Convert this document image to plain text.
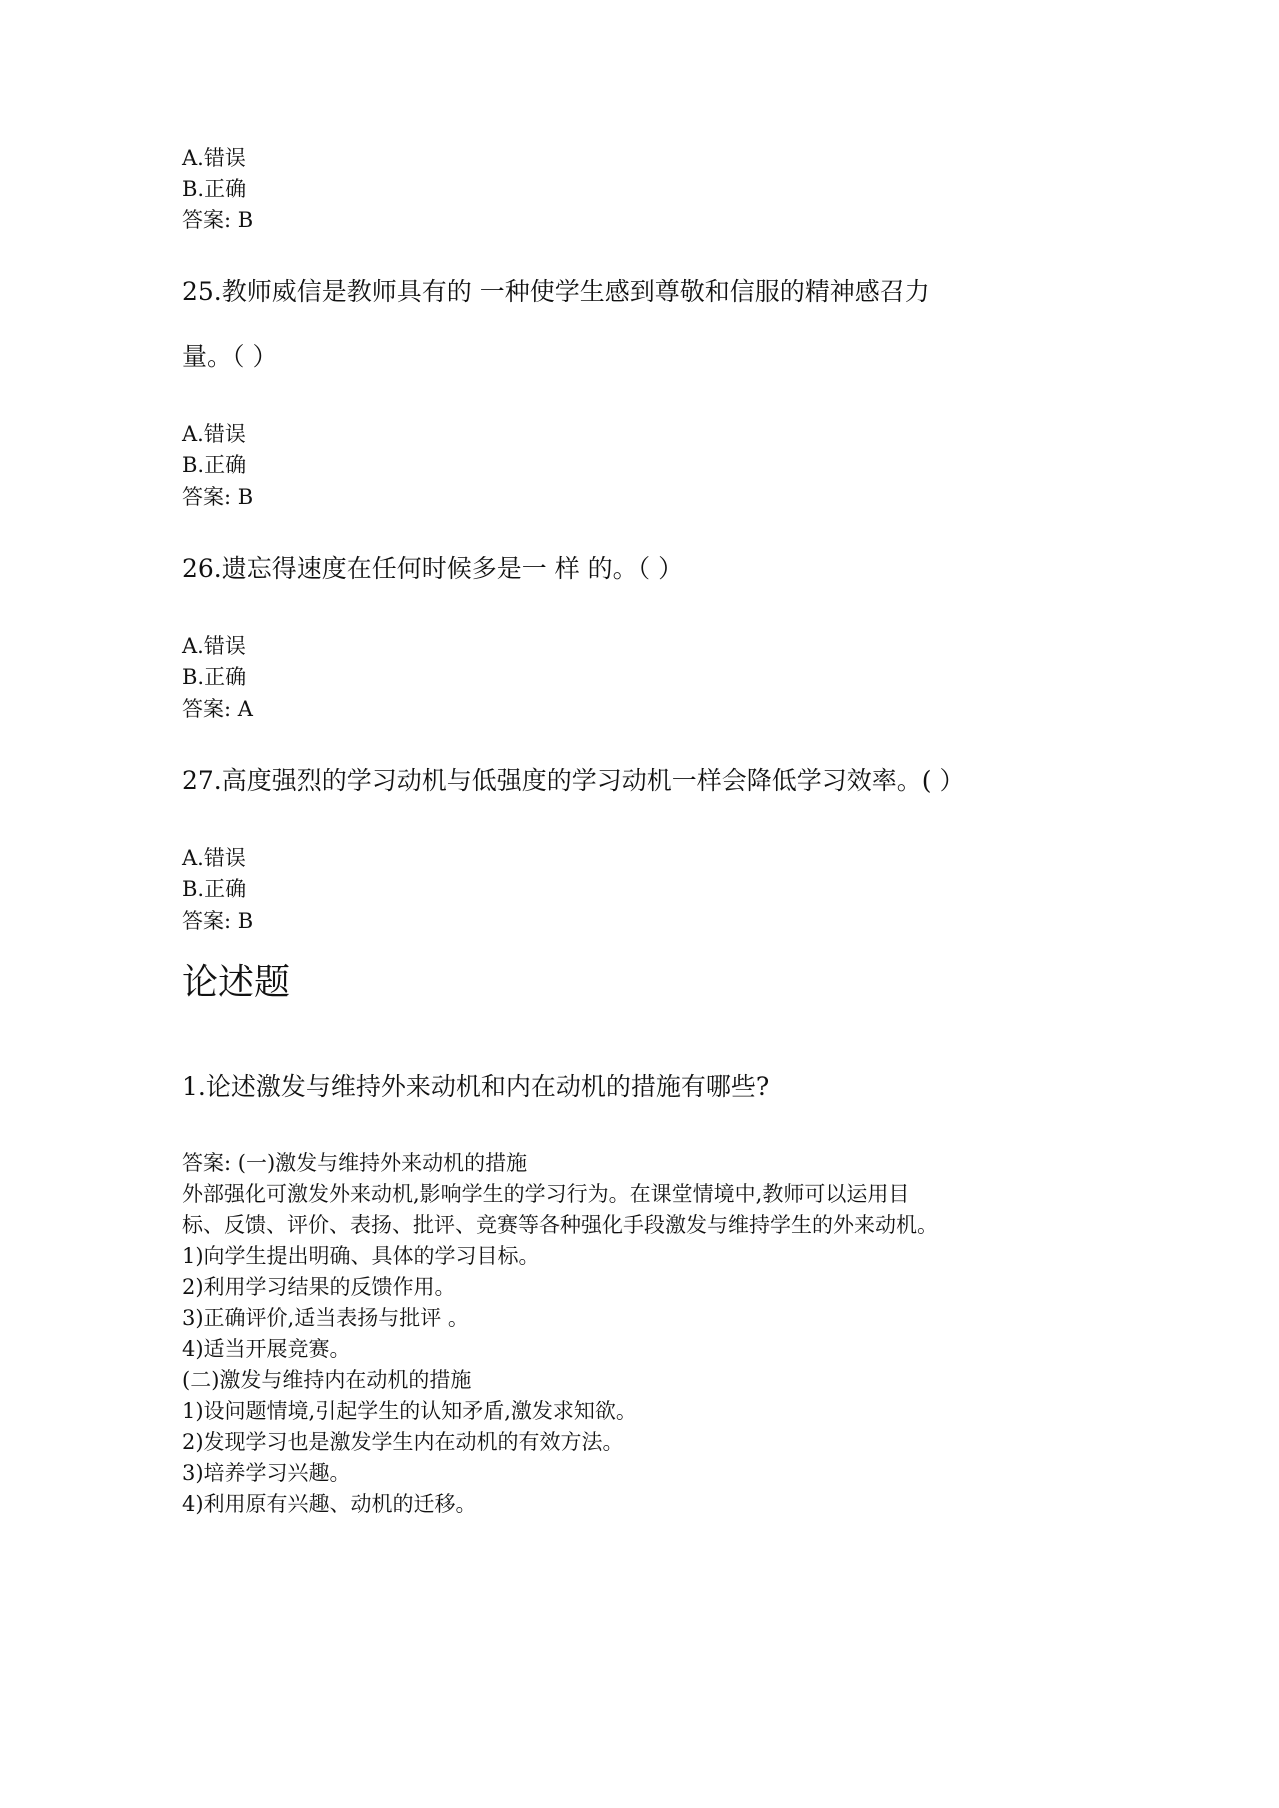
A.错误
B.正确
答案: B
25.教师威信是教师具有的 一种使学生感到尊敬和信服的精神感召力
量。（ ）
A.错误
B.正确
答案: B
26.遗忘得速度在任何时候多是一 样 的。（ ）
A.错误
B.正确
答案: A
27.高度强烈的学习动机与低强度的学习动机一样会降低学习效率。( ）
A.错误
B.正确
答案: B
论述题
1.论述激发与维持外来动机和内在动机的措施有哪些?
答案: (一)激发与维持外来动机的措施
外部强化可激发外来动机,影响学生的学习行为。在课堂情境中,教师可以运用目
标、反馈、评价、表扬、批评、竞赛等各种强化手段激发与维持学生的外来动机。
1)向学生提出明确、具体的学习目标。
2)利用学习结果的反馈作用。
3)正确评价,适当表扬与批评 。
4)适当开展竞赛。
(二)激发与维持内在动机的措施
1)设问题情境,引起学生的认知矛盾,激发求知欲。
2)发现学习也是激发学生内在动机的有效方法。
3)培养学习兴趣。
4)利用原有兴趣、动机的迁移。
